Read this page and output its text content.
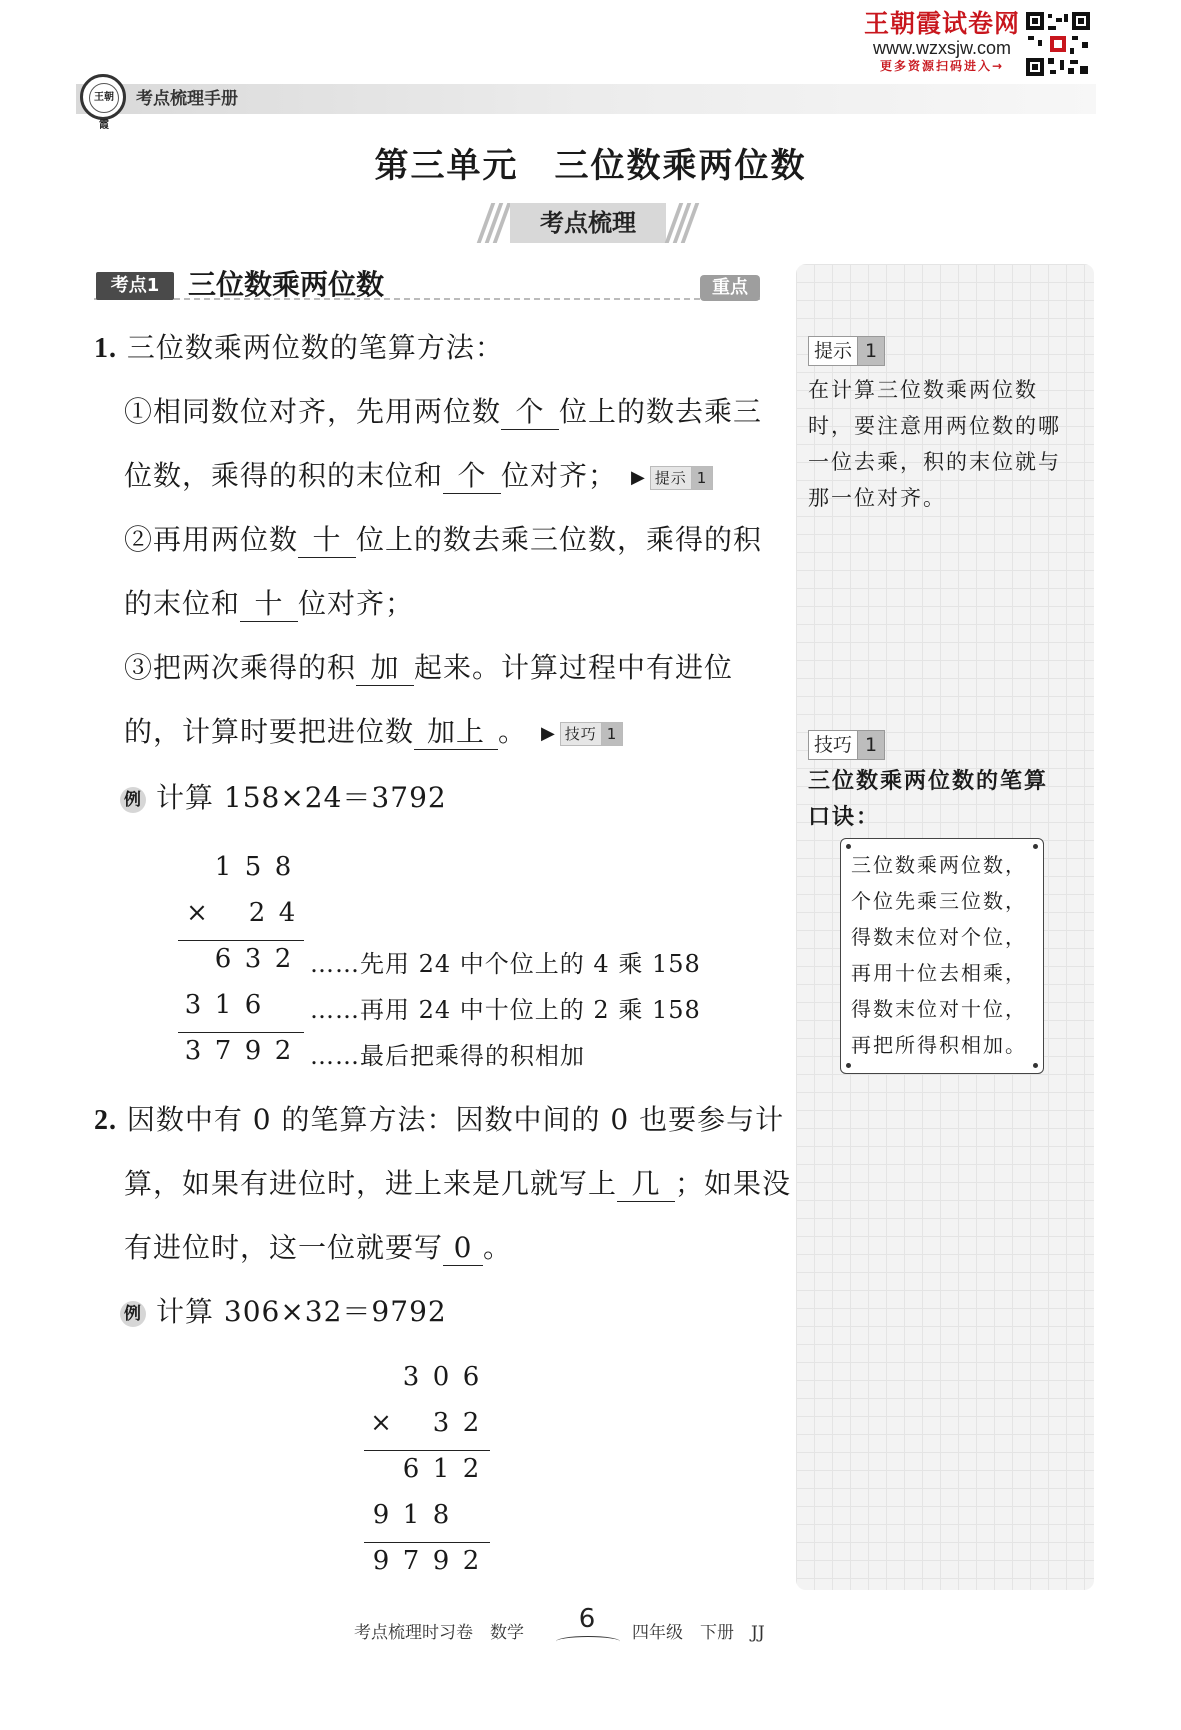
王朝霞试卷网
www.wzxsjw.com
更多资源扫码进入→
王朝霞
考点梳理手册
第三单元　三位数乘两位数
考点梳理
考点1	三位数乘两位数	重点
1. 三位数乘两位数的笔算方法：
①相同数位对齐，先用两位数 个 位上的数去乘三
位数，乘得的积的末位和 个 位对齐； ▶ 提示 1
②再用两位数 十 位上的数去乘三位数，乘得的积
的末位和 十 位对齐；
③把两次乘得的积 加 起来。计算过程中有进位
的，计算时要把进位数 加上 。 ▶ 技巧 1
例 计算 158×24＝3792
1 5 8
× 2 4
6 3 2
3 1 6
3 7 9 2
……先用 24 中个位上的 4 乘 158
……再用 24 中十位上的 2 乘 158
……最后把乘得的积相加
2. 因数中有 0 的笔算方法：因数中间的 0 也要参与计
算，如果有进位时，进上来是几就写上 几 ；如果没
有进位时，这一位就要写 0 。
例 计算 306×32＝9792
3 0 6
× 3 2
6 1 2
9 1 8
9 7 9 2
提示 1
在计算三位数乘两位数
时，要注意用两位数的哪
一位去乘，积的末位就与
那一位对齐。
技巧 1
三位数乘两位数的笔算
口诀：
三位数乘两位数，
个位先乘三位数，
得数末位对个位，
再用十位去相乘，
得数末位对十位，
再把所得积相加。
考点梳理时习卷　数学	6	四年级　下册　JJ
